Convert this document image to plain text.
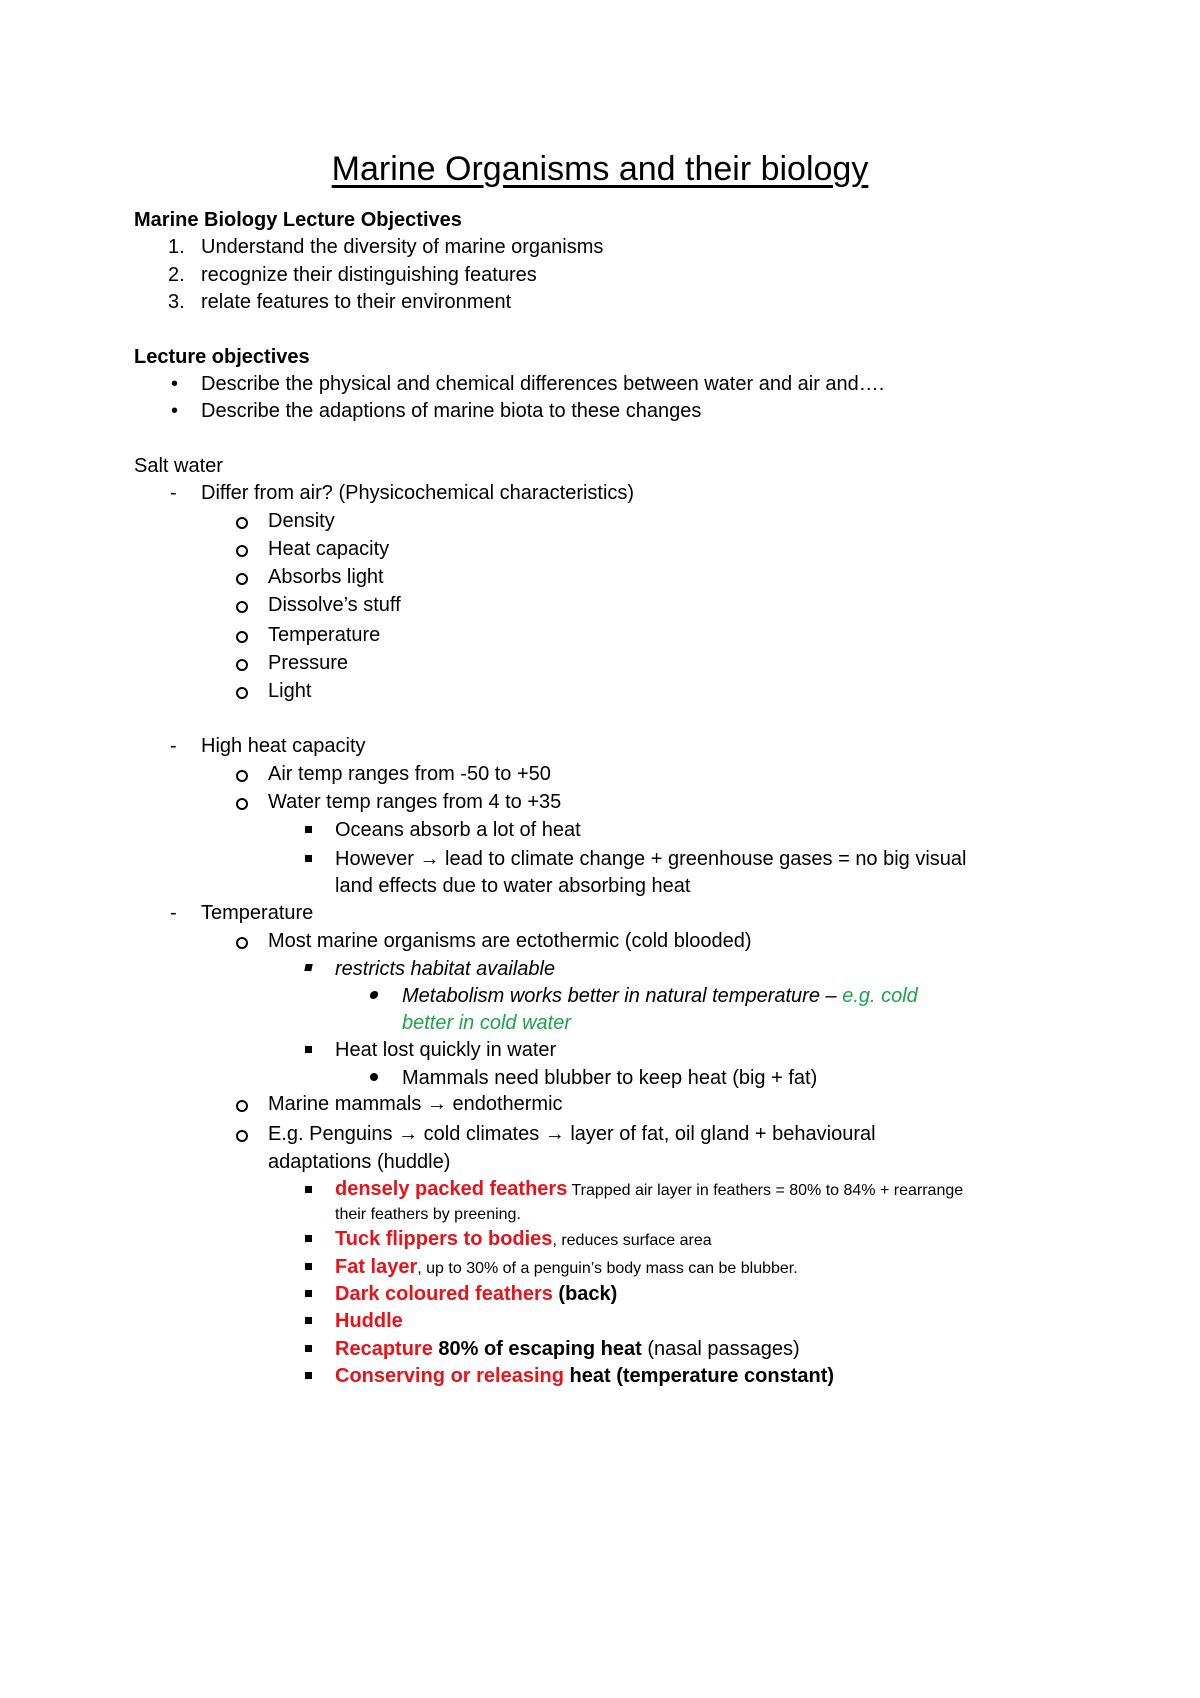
Marine Organisms and their biology
Marine Biology Lecture Objectives
1. Understand the diversity of marine organisms
2. recognize their distinguishing features
3. relate features to their environment
Lecture objectives
• Describe the physical and chemical differences between water and air and….
• Describe the adaptions of marine biota to these changes
Salt water
- Differ from air? (Physicochemical characteristics)
Density
Heat capacity
Absorbs light
Dissolve’s stuff
Temperature
Pressure
Light
- High heat capacity
Air temp ranges from -50 to +50
Water temp ranges from 4 to +35
Oceans absorb a lot of heat
However → lead to climate change + greenhouse gases = no big visual
land effects due to water absorbing heat
- Temperature
Most marine organisms are ectothermic (cold blooded)
restricts habitat available
Metabolism works better in natural temperature – e.g. cold
better in cold water
Heat lost quickly in water
Mammals need blubber to keep heat (big + fat)
Marine mammals → endothermic
E.g. Penguins → cold climates → layer of fat, oil gland + behavioural
adaptations (huddle)
densely packed feathers Trapped air layer in feathers = 80% to 84% + rearrange
their feathers by preening.
Tuck flippers to bodies, reduces surface area
Fat layer, up to 30% of a penguin’s body mass can be blubber.
Dark coloured feathers (back)
Huddle
Recapture 80% of escaping heat (nasal passages)
Conserving or releasing heat (temperature constant)
